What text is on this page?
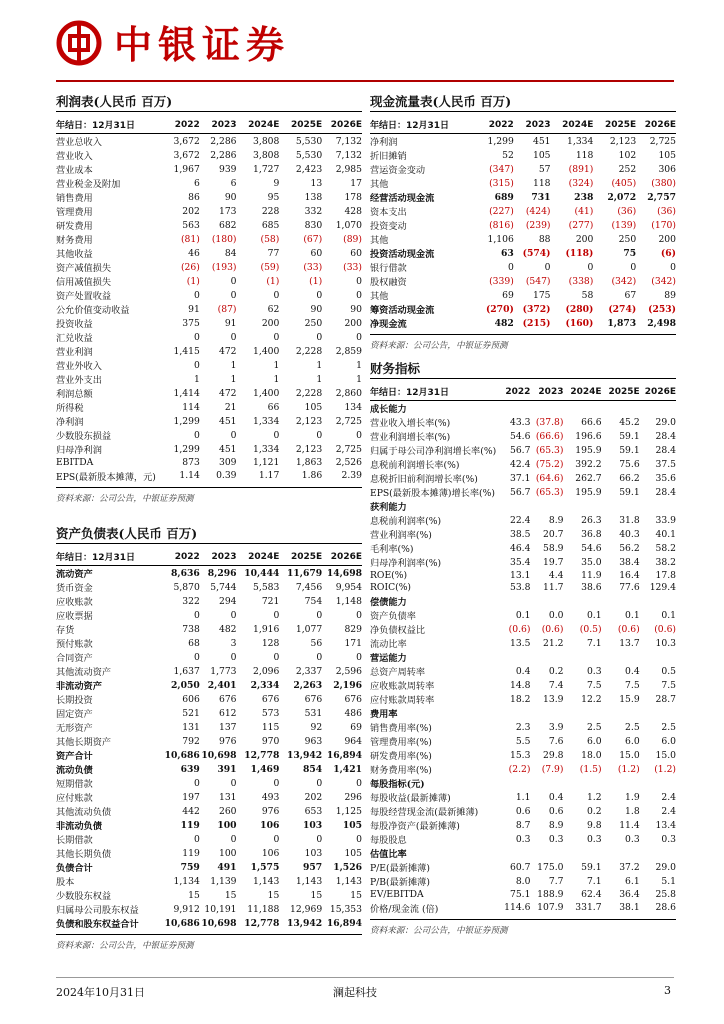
中银证券
利润表(人民币 百万)
年结日：12月31日	2022	2023	2024E	2025E	2026E
营业总收入	3,672	2,286	3,808	5,530	7,132
营业收入	3,672	2,286	3,808	5,530	7,132
营业成本	1,967	939	1,727	2,423	2,985
营业税金及附加	6	6	9	13	17
销售费用	86	90	95	138	178
管理费用	202	173	228	332	428
研发费用	563	682	685	830	1,070
财务费用	(81)	(180)	(58)	(67)	(89)
其他收益	46	84	77	60	60
资产减值损失	(26)	(193)	(59)	(33)	(33)
信用减值损失	(1)	0	(1)	(1)	0
资产处置收益	0	0	0	0	0
公允价值变动收益	91	(87)	62	90	90
投资收益	375	91	200	250	200
汇兑收益	0	0	0	0	0
营业利润	1,415	472	1,400	2,228	2,859
营业外收入	0	1	1	1	1
营业外支出	1	1	1	1	1
利润总额	1,414	472	1,400	2,228	2,860
所得税	114	21	66	105	134
净利润	1,299	451	1,334	2,123	2,725
少数股东损益	0	0	0	0	0
归母净利润	1,299	451	1,334	2,123	2,725
EBITDA	873	309	1,121	1,863	2,526
EPS(最新股本摊薄，元)	1.14	0.39	1.17	1.86	2.39
资料来源：公司公告，中银证券预测
资产负债表(人民币 百万)
年结日：12月31日	2022	2023	2024E	2025E	2026E
流动资产	8,636	8,296	10,444	11,679	14,698
货币资金	5,870	5,744	5,583	7,456	9,954
应收账款	322	294	721	754	1,148
应收票据	0	0	0	0	0
存货	738	482	1,916	1,077	829
预付账款	68	3	128	56	171
合同资产	0	0	0	0	0
其他流动资产	1,637	1,773	2,096	2,337	2,596
非流动资产	2,050	2,401	2,334	2,263	2,196
长期投资	606	676	676	676	676
固定资产	521	612	573	531	486
无形资产	131	137	115	92	69
其他长期资产	792	976	970	963	964
资产合计	10,686	10,698	12,778	13,942	16,894
流动负债	639	391	1,469	854	1,421
短期借款	0	0	0	0	0
应付账款	197	131	493	202	296
其他流动负债	442	260	976	653	1,125
非流动负债	119	100	106	103	105
长期借款	0	0	0	0	0
其他长期负债	119	100	106	103	105
负债合计	759	491	1,575	957	1,526
股本	1,134	1,139	1,143	1,143	1,143
少数股东权益	15	15	15	15	15
归属母公司股东权益	9,912	10,191	11,188	12,969	15,353
负债和股东权益合计	10,686	10,698	12,778	13,942	16,894
资料来源：公司公告，中银证券预测
现金流量表(人民币 百万)
年结日：12月31日	2022	2023	2024E	2025E	2026E
净利润	1,299	451	1,334	2,123	2,725
折旧摊销	52	105	118	102	105
营运资金变动	(347)	57	(891)	252	306
其他	(315)	118	(324)	(405)	(380)
经营活动现金流	689	731	238	2,072	2,757
资本支出	(227)	(424)	(41)	(36)	(36)
投资变动	(816)	(239)	(277)	(139)	(170)
其他	1,106	88	200	250	200
投资活动现金流	63	(574)	(118)	75	(6)
银行借款	0	0	0	0	0
股权融资	(339)	(547)	(338)	(342)	(342)
其他	69	175	58	67	89
筹资活动现金流	(270)	(372)	(280)	(274)	(253)
净现金流	482	(215)	(160)	1,873	2,498
资料来源：公司公告，中银证券预测
财务指标
年结日：12月31日	2022	2023	2024E	2025E	2026E
成长能力					
营业收入增长率(%)	43.3	(37.8)	66.6	45.2	29.0
营业利润增长率(%)	54.6	(66.6)	196.6	59.1	28.4
归属于母公司净利润增长率(%)	56.7	(65.3)	195.9	59.1	28.4
息税前利润增长率(%)	42.4	(75.2)	392.2	75.6	37.5
息税折旧前利润增长率(%)	37.1	(64.6)	262.7	66.2	35.6
EPS(最新股本摊薄)增长率(%)	56.7	(65.3)	195.9	59.1	28.4
获利能力					
息税前利润率(%)	22.4	8.9	26.3	31.8	33.9
营业利润率(%)	38.5	20.7	36.8	40.3	40.1
毛利率(%)	46.4	58.9	54.6	56.2	58.2
归母净利润率(%)	35.4	19.7	35.0	38.4	38.2
ROE(%)	13.1	4.4	11.9	16.4	17.8
ROIC(%)	53.8	11.7	38.6	77.6	129.4
偿债能力					
资产负债率	0.1	0.0	0.1	0.1	0.1
净负债权益比	(0.6)	(0.6)	(0.5)	(0.6)	(0.6)
流动比率	13.5	21.2	7.1	13.7	10.3
营运能力					
总资产周转率	0.4	0.2	0.3	0.4	0.5
应收账款周转率	14.8	7.4	7.5	7.5	7.5
应付账款周转率	18.2	13.9	12.2	15.9	28.7
费用率					
销售费用率(%)	2.3	3.9	2.5	2.5	2.5
管理费用率(%)	5.5	7.6	6.0	6.0	6.0
研发费用率(%)	15.3	29.8	18.0	15.0	15.0
财务费用率(%)	(2.2)	(7.9)	(1.5)	(1.2)	(1.2)
每股指标(元)					
每股收益(最新摊薄)	1.1	0.4	1.2	1.9	2.4
每股经营现金流(最新摊薄)	0.6	0.6	0.2	1.8	2.4
每股净资产(最新摊薄)	8.7	8.9	9.8	11.4	13.4
每股股息	0.3	0.3	0.3	0.3	0.3
估值比率					
P/E(最新摊薄)	60.7	175.0	59.1	37.2	29.0
P/B(最新摊薄)	8.0	7.7	7.1	6.1	5.1
EV/EBITDA	75.1	188.9	62.4	36.4	25.8
价格/现金流 (倍)	114.6	107.9	331.7	38.1	28.6
资料来源：公司公告，中银证券预测
2024年10月31日	澜起科技	3
